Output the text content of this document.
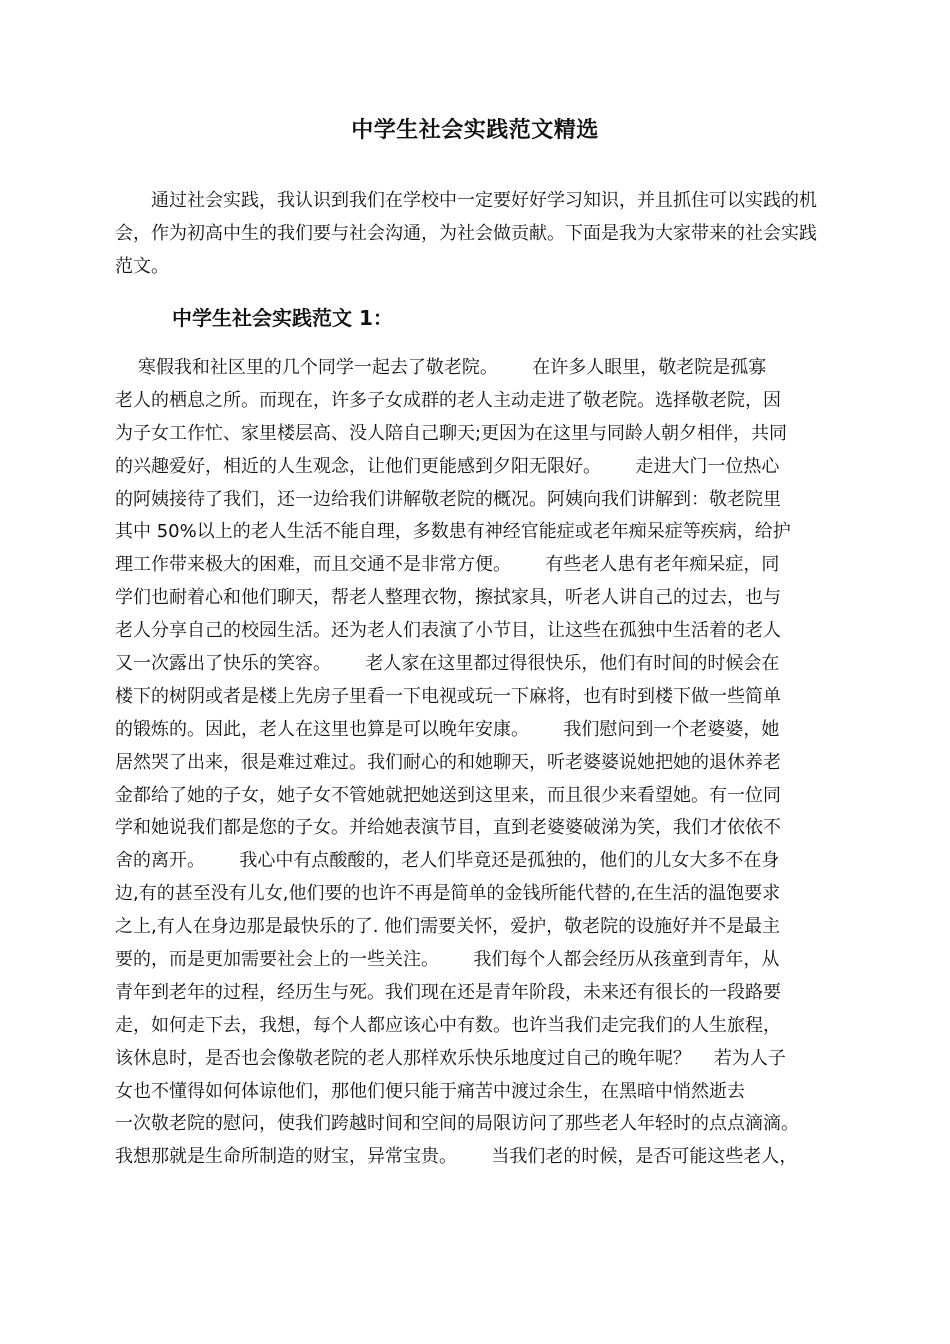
中学生社会实践范文精选

通过社会实践，我认识到我们在学校中一定要好好学习知识，并且抓住可以实践的机会，作为初高中生的我们要与社会沟通，为社会做贡献。下面是我为大家带来的社会实践范文。

中学生社会实践范文 1：
寒假我和社区里的几个同学一起去了敬老院。      在许多人眼里，敬老院是孤寡
老人的栖息之所。而现在，许多子女成群的老人主动走进了敬老院。选择敬老院，因
为子女工作忙、家里楼层高、没人陪自己聊天;更因为在这里与同龄人朝夕相伴，共同
的兴趣爱好，相近的人生观念，让他们更能感到夕阳无限好。      走进大门一位热心
的阿姨接待了我们，还一边给我们讲解敬老院的概况。阿姨向我们讲解到：敬老院里
其中 50%以上的老人生活不能自理，多数患有神经官能症或老年痴呆症等疾病，给护
理工作带来极大的困难，而且交通不是非常方便。      有些老人患有老年痴呆症，同
学们也耐着心和他们聊天，帮老人整理衣物，擦拭家具，听老人讲自己的过去，也与
老人分享自己的校园生活。还为老人们表演了小节目，让这些在孤独中生活着的老人
又一次露出了快乐的笑容。      老人家在这里都过得很快乐，他们有时间的时候会在
楼下的树阴或者是楼上先房子里看一下电视或玩一下麻将，也有时到楼下做一些简单
的锻炼的。因此，老人在这里也算是可以晚年安康。      我们慰问到一个老婆婆，她
居然哭了出来，很是难过难过。我们耐心的和她聊天，听老婆婆说她把她的退休养老
金都给了她的子女，她子女不管她就把她送到这里来，而且很少来看望她。有一位同
学和她说我们都是您的子女。并给她表演节目，直到老婆婆破涕为笑，我们才依依不
舍的离开。      我心中有点酸酸的，老人们毕竟还是孤独的，他们的儿女大多不在身
边,有的甚至没有儿女,他们要的也许不再是简单的金钱所能代替的,在生活的温饱要求
之上,有人在身边那是最快乐的了. 他们需要关怀，爱护，敬老院的设施好并不是最主
要的，而是更加需要社会上的一些关注。      我们每个人都会经历从孩童到青年，从
青年到老年的过程，经历生与死。我们现在还是青年阶段，未来还有很长的一段路要
走，如何走下去，我想，每个人都应该心中有数。也许当我们走完我们的人生旅程，
该休息时，是否也会像敬老院的老人那样欢乐快乐地度过自己的晚年呢？    若为人子
女也不懂得如何体谅他们，那他们便只能于痛苦中渡过余生，在黑暗中悄然逝去
一次敬老院的慰问，使我们跨越时间和空间的局限访问了那些老人年轻时的点点滴滴。
我想那就是生命所制造的财宝，异常宝贵。      当我们老的时候，是否可能这些老人，
